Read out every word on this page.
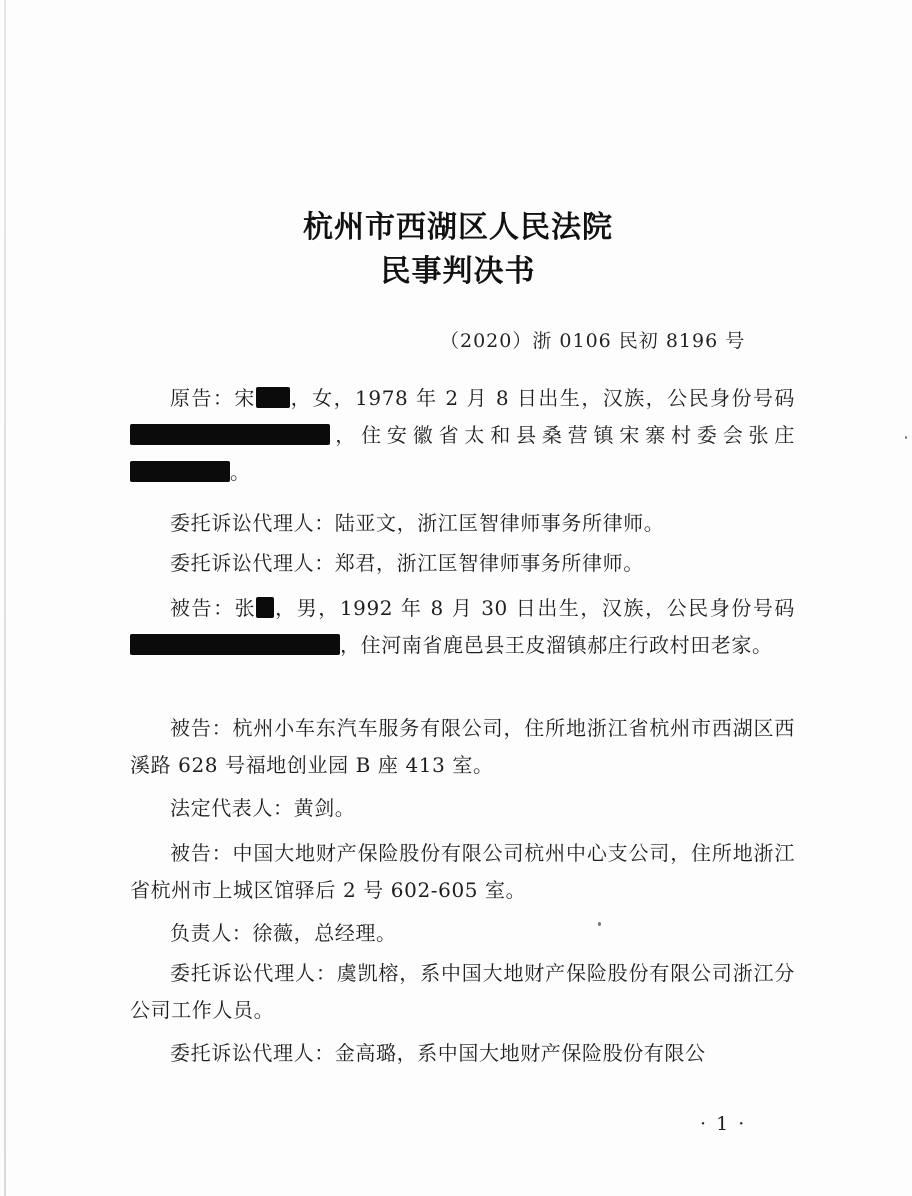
杭州市西湖区人民法院
民事判决书
（2020）浙 0106 民初 8196 号
原告：宋 ，女，1978 年 2 月 8 日出生，汉族，公民身份号码 ，住安徽省太和县桑营镇宋寨村委会张庄 。
委托诉讼代理人：陆亚文，浙江匡智律师事务所律师。
委托诉讼代理人：郑君，浙江匡智律师事务所律师。
被告：张 ，男，1992 年 8 月 30 日出生，汉族，公民身份号码，住河南省鹿邑县王皮溜镇郝庄行政村田老家。
被告：杭州小车东汽车服务有限公司，住所地浙江省杭州市西湖区西溪路 628 号福地创业园 B 座 413 室。
法定代表人：黄剑。
被告：中国大地财产保险股份有限公司杭州中心支公司，住所地浙江省杭州市上城区馆驿后 2 号 602-605 室。
负责人：徐薇，总经理。
委托诉讼代理人：虞凯榕，系中国大地财产保险股份有限公司浙江分公司工作人员。
委托诉讼代理人：金高璐，系中国大地财产保险股份有限公
· 1 ·
